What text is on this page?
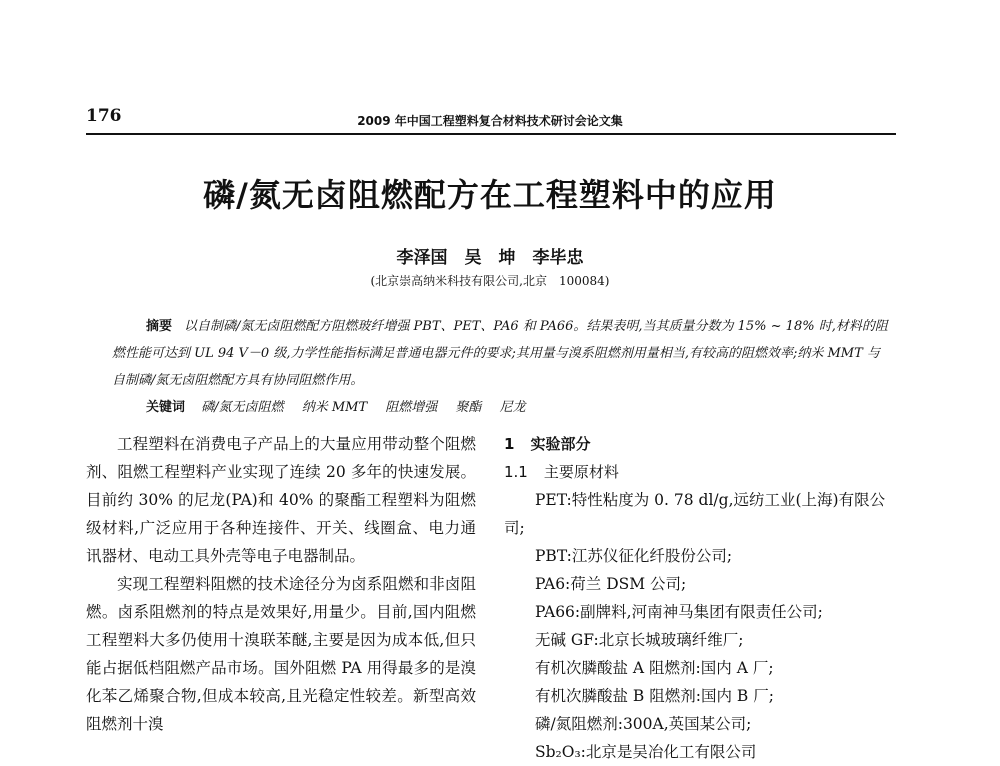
176	2009 年中国工程塑料复合材料技术研讨会论文集
磷/氮无卤阻燃配方在工程塑料中的应用
李泽国　吴　坤　李毕忠
(北京崇高纳米科技有限公司,北京　100084)
摘要 以自制磷/氮无卤阻燃配方阻燃玻纤增强 PBT、PET、PA6 和 PA66。结果表明,当其质量分数为 15% ~ 18% 时,材料的阻燃性能可达到 UL 94 V－0 级,力学性能指标满足普通电器元件的要求;其用量与溴系阻燃剂用量相当,有较高的阻燃效率;纳米 MMT 与自制磷/氮无卤阻燃配方具有协同阻燃作用。
关键词 磷/氮无卤阻燃 纳米 MMT 阻燃增强 聚酯 尼龙

工程塑料在消费电子产品上的大量应用带动整个阻燃剂、阻燃工程塑料产业实现了连续 20 多年的快速发展。目前约 30% 的尼龙(PA)和 40% 的聚酯工程塑料为阻燃级材料,广泛应用于各种连接件、开关、线圈盒、电力通讯器材、电动工具外壳等电子电器制品。

实现工程塑料阻燃的技术途径分为卤系阻燃和非卤阻燃。卤系阻燃剂的特点是效果好,用量少。目前,国内阻燃工程塑料大多仍使用十溴联苯醚,主要是因为成本低,但只能占据低档阻燃产品市场。国外阻燃 PA 用得最多的是溴化苯乙烯聚合物,但成本较高,且光稳定性较差。新型高效阻燃剂十溴

1 实验部分
1.1 主要原材料
PET:特性粘度为 0. 78 dl/g,远纺工业(上海)有限公司;
PBT:江苏仪征化纤股份公司;
PA6:荷兰 DSM 公司;
PA66:副牌料,河南神马集团有限责任公司;
无碱 GF:北京长城玻璃纤维厂;
有机次膦酸盐 A 阻燃剂:国内 A 厂;
有机次膦酸盐 B 阻燃剂:国内 B 厂;
磷/氮阻燃剂:300A,英国某公司;
Sb₂O₃:北京是吴冶化工有限公司
